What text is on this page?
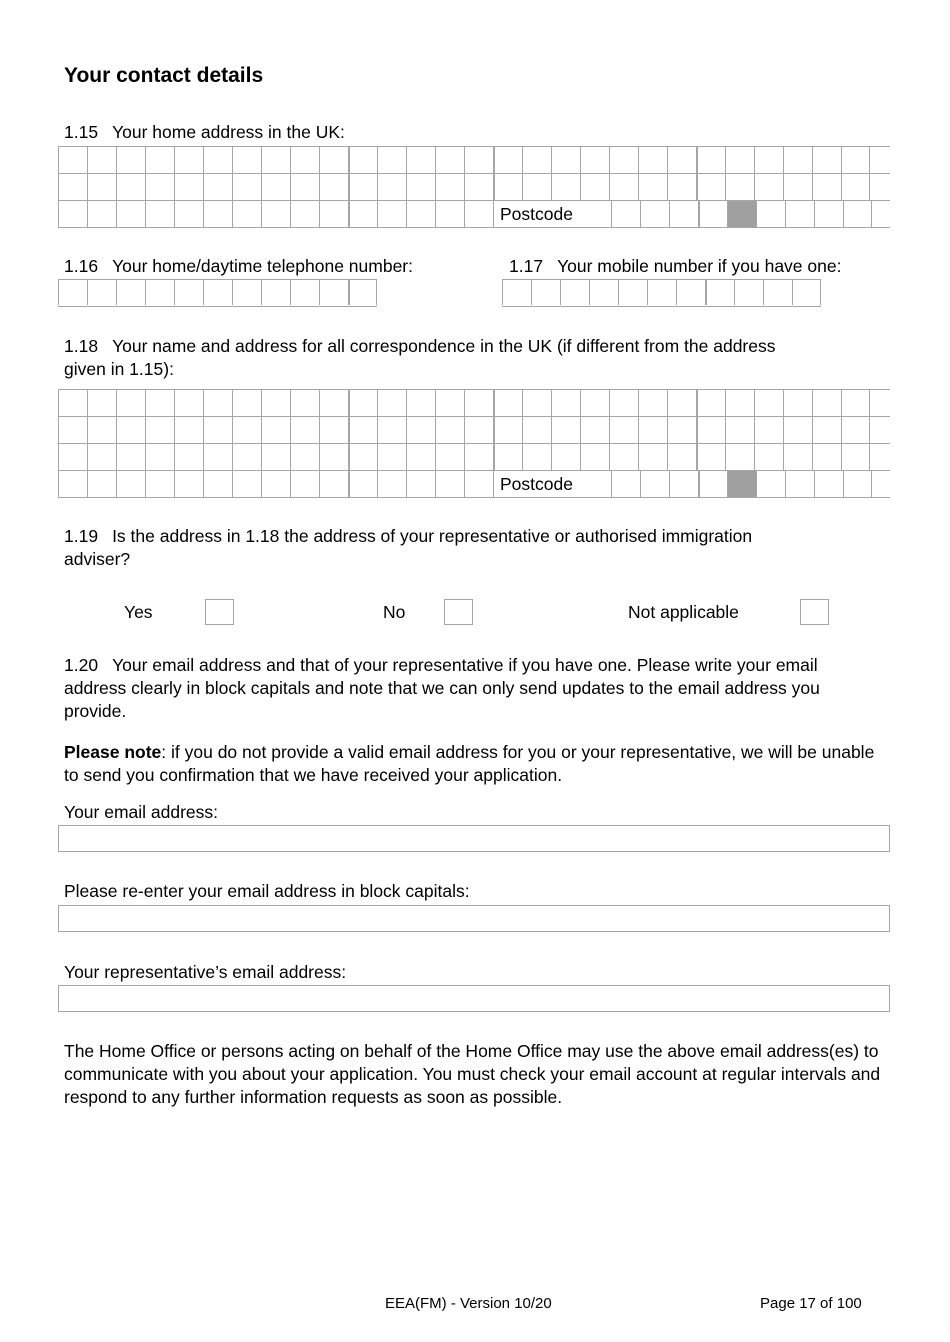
Your contact details
1.15 Your home address in the UK:
Postcode
1.16 Your home/daytime telephone number:	1.17 Your mobile number if you have one:
1.18 Your name and address for all correspondence in the UK (if different from the address
given in 1.15):
Postcode
1.19 Is the address in 1.18 the address of your representative or authorised immigration
adviser?
Yes	No	Not applicable
1.20 Your email address and that of your representative if you have one. Please write your email address clearly in block capitals and note that we can only send updates to the email address you provide.
Please note: if you do not provide a valid email address for you or your representative, we will be unable to send you confirmation that we have received your application.
Your email address:
Please re-enter your email address in block capitals:
Your representative’s email address:
The Home Office or persons acting on behalf of the Home Office may use the above email address(es) to communicate with you about your application. You must check your email account at regular intervals and respond to any further information requests as soon as possible.
EEA(FM) - Version 10/20	Page 17 of 100
